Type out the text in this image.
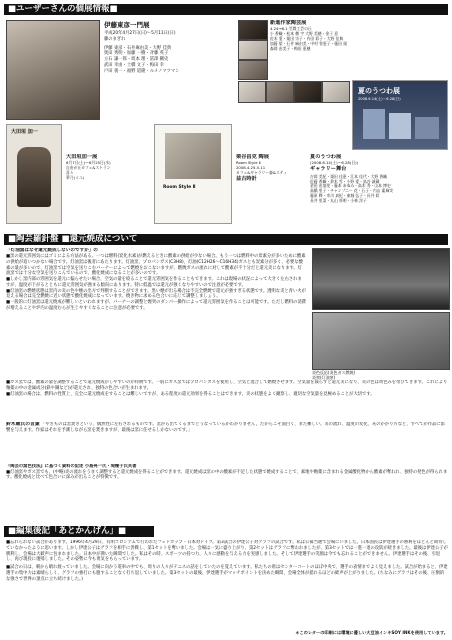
■ユーザーさんの個展情報■
伊藤東彦一門展
平成20年4月27日(日)〜5月11日(日)
藤のまぎれ
伊藤 東彦・石井麻由美・大野 佳典
奥田 秀明・加藤 一樹・斉藤 英子
立石 謙一郎・坂本 理・冨澤 剛史
武田 幸由・土橋 文子・梅田 幸
戸田 義一・福野 道隆・ルメノマツマン
新進作家陶芸展
4.24→6.1 笠間工芸の丘
小 香織・松本 徹 宇 大野 美穂・金子 意
佐木 愛・栗田 宗子・内田 彩子・大野 佳典
加藤 望・石井 麻由美・中村 智恵子・藤田 規
森岡 由美子・梅田 恵穂
夏のうつわ展
2008.6.14(土)〜6.28(日)
大田垣 加一
大田垣加一展
6月7日(土)〜6月25日(水)
自由が丘カフェ&ストラン
喜々
夢乃(ミユ)
Room Style Ⅱ
栗谷昌克 陶展
Room Style Ⅱ
2008.4.25-5.11
カフェ&ギャラリー森&スティ
益古時計
夏のうつわ展
(2008.6.14(土)〜6.28(日))
ギャラリー舞台
吉岡 美紀・栗田 佳恵・江本 佳代・大野 香織
佐藤 香織・鈴木 雪・小野 愛・鳥谷 誠蔵
金田 由加里・藤本 あゆみ・高木 秀・山本 博史
高橋 里子・チャンプニー 花・石子・内山 素麻実
藤原 輝・市川 真紀・東城 弘子・長井 彩
長井 里菜・丸山 厚明・小林 淳子
■陶芸羅針盤 ■還元焼成について
「灯油窯はなぜ還元焼成しないのですか」の

■窯の還元雰囲気にはゴミによる方法がある。一つは燃料(炭化水素)が燃えるときに酸素の供給が少ない場合。もう一つは燃料中の炭素分が多いために酸素の供給が追いつかない場合です。灯油窯は後者にあたります。灯油窯、プロパンガス(C3H8)、灯油(C12H26〜C16H34)ガスとも炭素分が多く、必要な酸素の量が多いので、灯油窯では空気を送りこむバーナーによって燃焼をおこないますが、燃焼ガスの流れに対して酸素が不十分だと還元炎になります。灯油窯では十分な空気を送りこんでいるので、酸化焼成になることが多いのです。
■しかし窯内部の雰囲気を還元に偏らせたい場合、空気の量を絞ることで還元雰囲気を作ることもできます。これは現場の状況によって大きく左右されますが、温度が下がるとともに還元雰囲気が強まる傾向にあります。特に低温では還元が強くなりやすいので注意が必要です。
■灯油窯の燃焼状態は窯内の炎の色や煙の出方で判断することができます。黒い煙が出る場合は不完全燃焼で還元が強すぎる状態です。透明な炎と青い火が見える場合は完全燃焼に近い状態で酸化焼成になっています。焼き物に求める色合いに応じて調整しましょう。
■一般的に灯油窯は還元焼成が難しいといわれますが、バーナーの調整と煙突のダンパー操作によって還元雰囲気を作ることは可能です。ただし燃料の消費が増えることや炉内の温度むらが生じやすくなることに注意が必要です。

炎色反応(炎色ガス燃焼)
炎窯(灯油窯)

■ガス窯では、酸素の量を調整することで還元焼成がしやすいのが特徴です。一般にガス窯ではプロパンガスを使用し、空気と混合して燃焼させます。空気量を減らすと還元炎になり、炎の色は黄色みを帯びてきます。これにより釉薬の中の金属成分(鉄や銅など)が還元され、独特の色合いが生まれます。
■灯油窯の場合は、燃料の性質上、完全に還元焼成をすることは難しいですが、ある程度の還元効果を得ることはできます。炎の状態をよく観察し、適切な空気量を見極めることが大切です。

鈴木蔵氏の言葉 「やきものは窯焚きという、偶然性に左右されるものです。窯から出てくるまでどうなっているかわかりません。だからこそ面白く、また難しい。炎の流れ、温度の変化、灰のかかり方など、すべてが作品に影響を与えます。作家はそれを予測しながら窯を焚きますが、最後は窯に任せるしかないのです。」
『陶芸の窯色技法』に基づく資料の記述 小島亮一氏・堤樓子氏共著

■灯油窯やガス窯でも、(中略)炎の流れをうまく調整すると還元焼成を得ることができます。還元焼成は窯の中の酸素が不足した状態で焼成することで、素地や釉薬に含まれる金属酸化物から酸素が奪われ、独特の発色が得られます。酸化焼成と比べて色合いに深みが出ることが特徴です。

■編集後記「あとかんげん」■

■忘れられない試合があります。1996年4月29日、有明コロシアムで行われたフェドカップ・日本対ドイツ。第3試合の伊達公子対グラフの試合です。私は公募当選で会場にいました。日本国民は伊達選手の勝利をほとんど期待していなかったように思います。しかし伊達公子はグラフを相手に善戦し、第1セットを奪いました。会場は一気に盛り上がり、第2セットはグラフに奪われましたが、第3セットでは一進一退の攻防が続きました。最後は伊達公子が勝利し、会場は大歓声に包まれました。日本中が沸いた瞬間でした。私はその時、スポーツの持つ力、人々に感動を与える力を実感しました。そして伊達選手の笑顔は今でも忘れることができません。伊達選手はその後、引退し、再び現役に復帰しました。その姿勢に今も勇気をもらっています。

■試合の日は、朝から晴れ渡っていました。会場に向かう電車の中でも、周りの人々がテニスの話をしていたのを覚えています。私たちの席はセンターコートのほぼ中央で、選手の表情までよく見えました。試合が始まると、伊達選手の集中力は素晴らしく、グラフの強打にも臆することなく打ち返していました。第3セットの最後、伊達選手がマッチポイントを決めた瞬間、会場全体が揺れるほどの歓声が上がりました。(ちなみにグラフはその後、圧倒的な強さで世界の頂点に立ち続けました。)

＊このレターの印刷には環境に優しい大豆油インキSOY INKを使用しています。
